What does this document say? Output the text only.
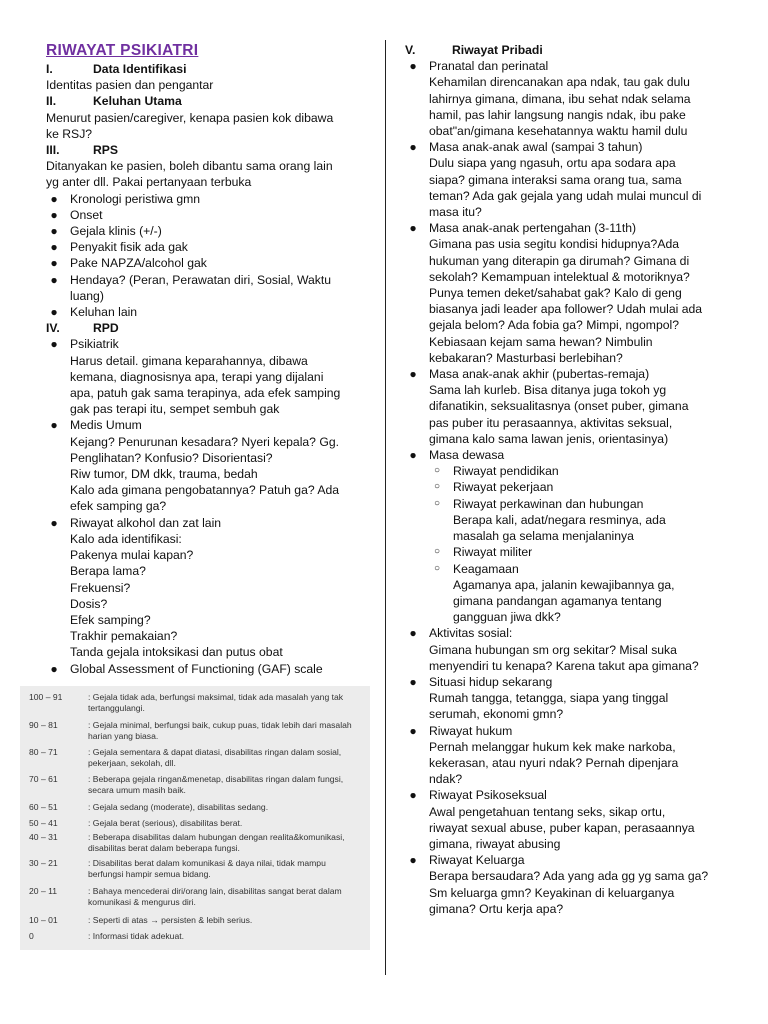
RIWAYAT PSIKIATRI
I.	Data Identifikasi
Identitas pasien dan pengantar
II.	Keluhan Utama
Menurut pasien/caregiver, kenapa pasien kok dibawa
ke RSJ?
III.	RPS
Ditanyakan ke pasien, boleh dibantu sama orang lain
yg anter dll. Pakai pertanyaan terbuka
● Kronologi peristiwa gmn
● Onset
● Gejala klinis (+/-)
● Penyakit fisik ada gak
● Pake NAPZA/alcohol gak
● Hendaya? (Peran, Perawatan diri, Sosial, Waktu
luang)
● Keluhan lain
IV.	RPD
● Psikiatrik
Harus detail. gimana keparahannya, dibawa
kemana, diagnosisnya apa, terapi yang dijalani
apa, patuh gak sama terapinya, ada efek samping
gak pas terapi itu, sempet sembuh gak
● Medis Umum
Kejang? Penurunan kesadara? Nyeri kepala? Gg.
Penglihatan? Konfusio? Disorientasi?
Riw tumor, DM dkk, trauma, bedah
Kalo ada gimana pengobatannya? Patuh ga? Ada
efek samping ga?
● Riwayat alkohol dan zat lain
Kalo ada identifikasi:
Pakenya mulai kapan?
Berapa lama?
Frekuensi?
Dosis?
Efek samping?
Trakhir pemakaian?
Tanda gejala intoksikasi dan putus obat
● Global Assessment of Functioning (GAF) scale
100 – 91	: Gejala tidak ada, berfungsi maksimal, tidak ada masalah yang tak tertanggulangi.
90 – 81	: Gejala minimal, berfungsi baik, cukup puas, tidak lebih dari masalah harian yang biasa.
80 – 71	: Gejala sementara & dapat diatasi, disabilitas ringan dalam sosial, pekerjaan, sekolah, dll.
70 – 61	: Beberapa gejala ringan&menetap, disabilitas ringan dalam fungsi, secara umum masih baik.
60 – 51	: Gejala sedang (moderate), disabilitas sedang.
50 – 41	: Gejala berat (serious), disabilitas berat.
40 – 31	: Beberapa disabilitas dalam hubungan dengan realita&komunikasi, disabilitas berat dalam beberapa fungsi.
30 – 21	: Disabilitas berat dalam komunikasi & daya nilai, tidak mampu berfungsi hampir semua bidang.
20 – 11	: Bahaya mencederai diri/orang lain, disabilitas sangat berat dalam komunikasi & mengurus diri.
10 – 01	: Seperti di atas → persisten & lebih serius.
0	: Informasi tidak adekuat.
V.	Riwayat Pribadi
● Pranatal dan perinatal
Kehamilan direncanakan apa ndak, tau gak dulu
lahirnya gimana, dimana, ibu sehat ndak selama
hamil, pas lahir langsung nangis ndak, ibu pake
obat"an/gimana kesehatannya waktu hamil dulu
● Masa anak-anak awal (sampai 3 tahun)
Dulu siapa yang ngasuh, ortu apa sodara apa
siapa? gimana interaksi sama orang tua, sama
teman? Ada gak gejala yang udah mulai muncul di
masa itu?
● Masa anak-anak pertengahan (3-11th)
Gimana pas usia segitu kondisi hidupnya?Ada
hukuman yang diterapin ga dirumah? Gimana di
sekolah? Kemampuan intelektual & motoriknya?
Punya temen deket/sahabat gak? Kalo di geng
biasanya jadi leader apa follower? Udah mulai ada
gejala belom? Ada fobia ga? Mimpi, ngompol?
Kebiasaan kejam sama hewan? Nimbulin
kebakaran? Masturbasi berlebihan?
● Masa anak-anak akhir (pubertas-remaja)
Sama lah kurleb. Bisa ditanya juga tokoh yg
difanatikin, seksualitasnya (onset puber, gimana
pas puber itu perasaannya, aktivitas seksual,
gimana kalo sama lawan jenis, orientasinya)
● Masa dewasa
○ Riwayat pendidikan
○ Riwayat pekerjaan
○ Riwayat perkawinan dan hubungan
Berapa kali, adat/negara resminya, ada
masalah ga selama menjalaninya
○ Riwayat militer
○ Keagamaan
Agamanya apa, jalanin kewajibannya ga,
gimana pandangan agamanya tentang
gangguan jiwa dkk?
● Aktivitas sosial:
Gimana hubungan sm org sekitar? Misal suka
menyendiri tu kenapa? Karena takut apa gimana?
● Situasi hidup sekarang
Rumah tangga, tetangga, siapa yang tinggal
serumah, ekonomi gmn?
● Riwayat hukum
Pernah melanggar hukum kek make narkoba,
kekerasan, atau nyuri ndak? Pernah dipenjara
ndak?
● Riwayat Psikoseksual
Awal pengetahuan tentang seks, sikap ortu,
riwayat sexual abuse, puber kapan, perasaannya
gimana, riwayat abusing
● Riwayat Keluarga
Berapa bersaudara? Ada yang ada gg yg sama ga?
Sm keluarga gmn? Keyakinan di keluarganya
gimana? Ortu kerja apa?
